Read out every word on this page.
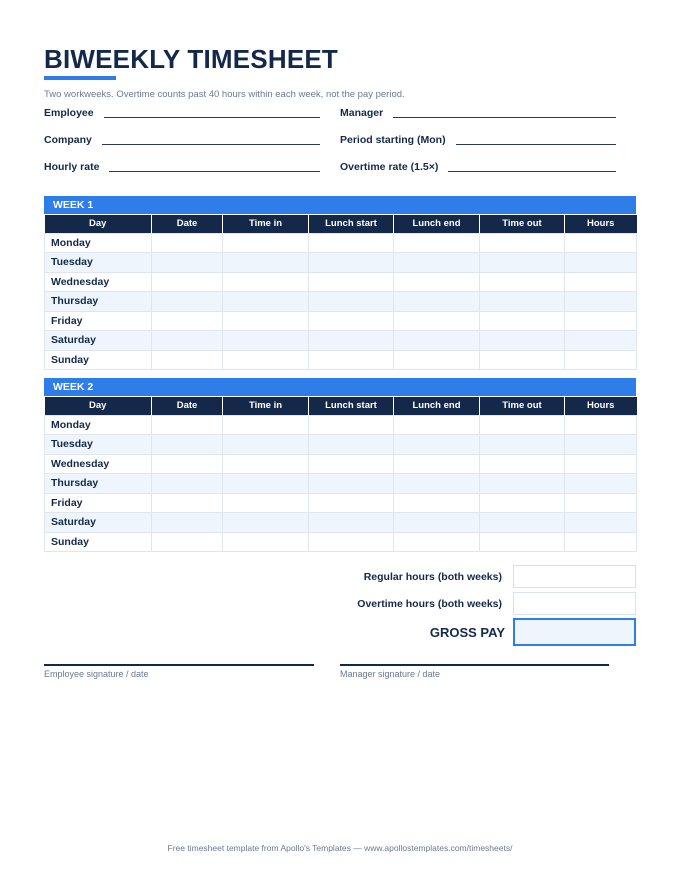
BIWEEKLY TIMESHEET

Two workweeks. Overtime counts past 40 hours within each week, not the pay period.

Employee	Manager
Company	Period starting (Mon)
Hourly rate	Overtime rate (1.5×)
WEEK 1
Day	Date	Time in	Lunch start	Lunch end	Time out	Hours
Monday						
Tuesday						
Wednesday						
Thursday						
Friday						
Saturday						
Sunday						
WEEK 2
Day	Date	Time in	Lunch start	Lunch end	Time out	Hours
Monday						
Tuesday						
Wednesday						
Thursday						
Friday						
Saturday						
Sunday						
Regular hours (both weeks)
Overtime hours (both weeks)
GROSS PAY
Employee signature / date	Manager signature / date
Free timesheet template from Apollo's Templates — www.apollostemplates.com/timesheets/
